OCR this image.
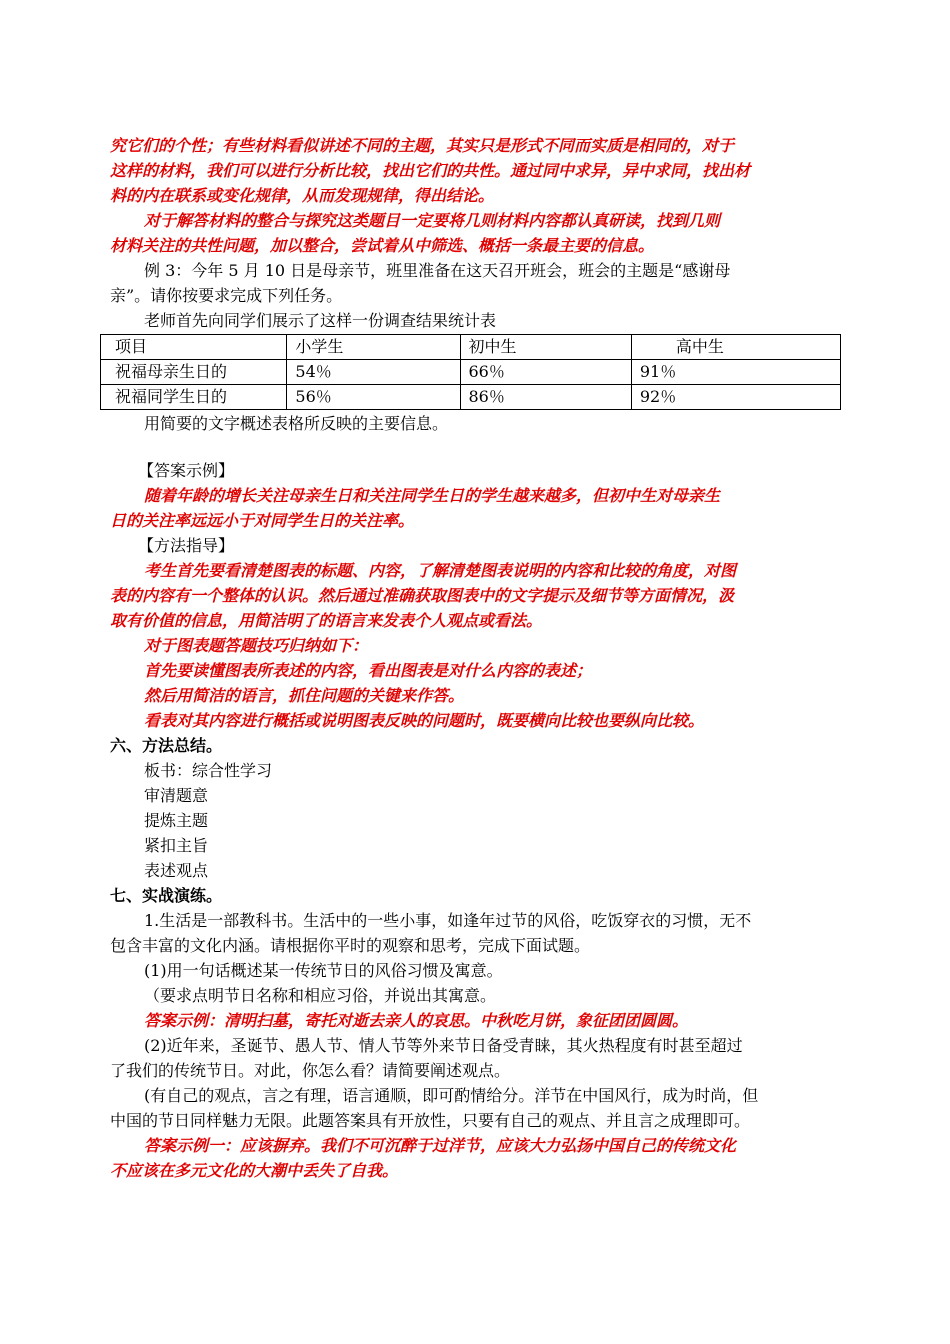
究它们的个性；有些材料看似讲述不同的主题，其实只是形式不同而实质是相同的，对于
这样的材料，我们可以进行分析比较，找出它们的共性。通过同中求异，异中求同，找出材
料的内在联系或变化规律，从而发现规律，得出结论。
对于解答材料的整合与探究这类题目一定要将几则材料内容都认真研读，找到几则
材料关注的共性问题，加以整合，尝试着从中筛选、概括一条最主要的信息。
例 3：今年 5 月 10 日是母亲节，班里准备在这天召开班会，班会的主题是“感谢母
亲”。请你按要求完成下列任务。
老师首先向同学们展示了这样一份调查结果统计表
项目	小学生	初中生	高中生
祝福母亲生日的	54％	66％	91％
祝福同学生日的	56％	86％	92％
用简要的文字概述表格所反映的主要信息。
【答案示例】
随着年龄的增长关注母亲生日和关注同学生日的学生越来越多，但初中生对母亲生
日的关注率远远小于对同学生日的关注率。
【方法指导】
考生首先要看清楚图表的标题、内容，了解清楚图表说明的内容和比较的角度，对图
表的内容有一个整体的认识。然后通过准确获取图表中的文字提示及细节等方面情况，汲
取有价值的信息，用简洁明了的语言来发表个人观点或看法。
对于图表题答题技巧归纳如下：
首先要读懂图表所表述的内容，看出图表是对什么内容的表述；
然后用简洁的语言，抓住问题的关键来作答。
看表对其内容进行概括或说明图表反映的问题时，既要横向比较也要纵向比较。
六、方法总结。
板书：综合性学习
审清题意
提炼主题
紧扣主旨
表述观点
七、实战演练。
1.生活是一部教科书。生活中的一些小事，如逢年过节的风俗，吃饭穿衣的习惯，无不
包含丰富的文化内涵。请根据你平时的观察和思考，完成下面试题。
(1)用一句话概述某一传统节日的风俗习惯及寓意。
（要求点明节日名称和相应习俗，并说出其寓意。
答案示例：清明扫墓，寄托对逝去亲人的哀思。中秋吃月饼，象征团团圆圆。
(2)近年来，圣诞节、愚人节、情人节等外来节日备受青睐，其火热程度有时甚至超过
了我们的传统节日。对此，你怎么看？请简要阐述观点。
(有自己的观点，言之有理，语言通顺，即可酌情给分。洋节在中国风行，成为时尚，但
中国的节日同样魅力无限。此题答案具有开放性，只要有自己的观点、并且言之成理即可。
答案示例一：应该摒弃。我们不可沉醉于过洋节，应该大力弘扬中国自己的传统文化
不应该在多元文化的大潮中丢失了自我。
